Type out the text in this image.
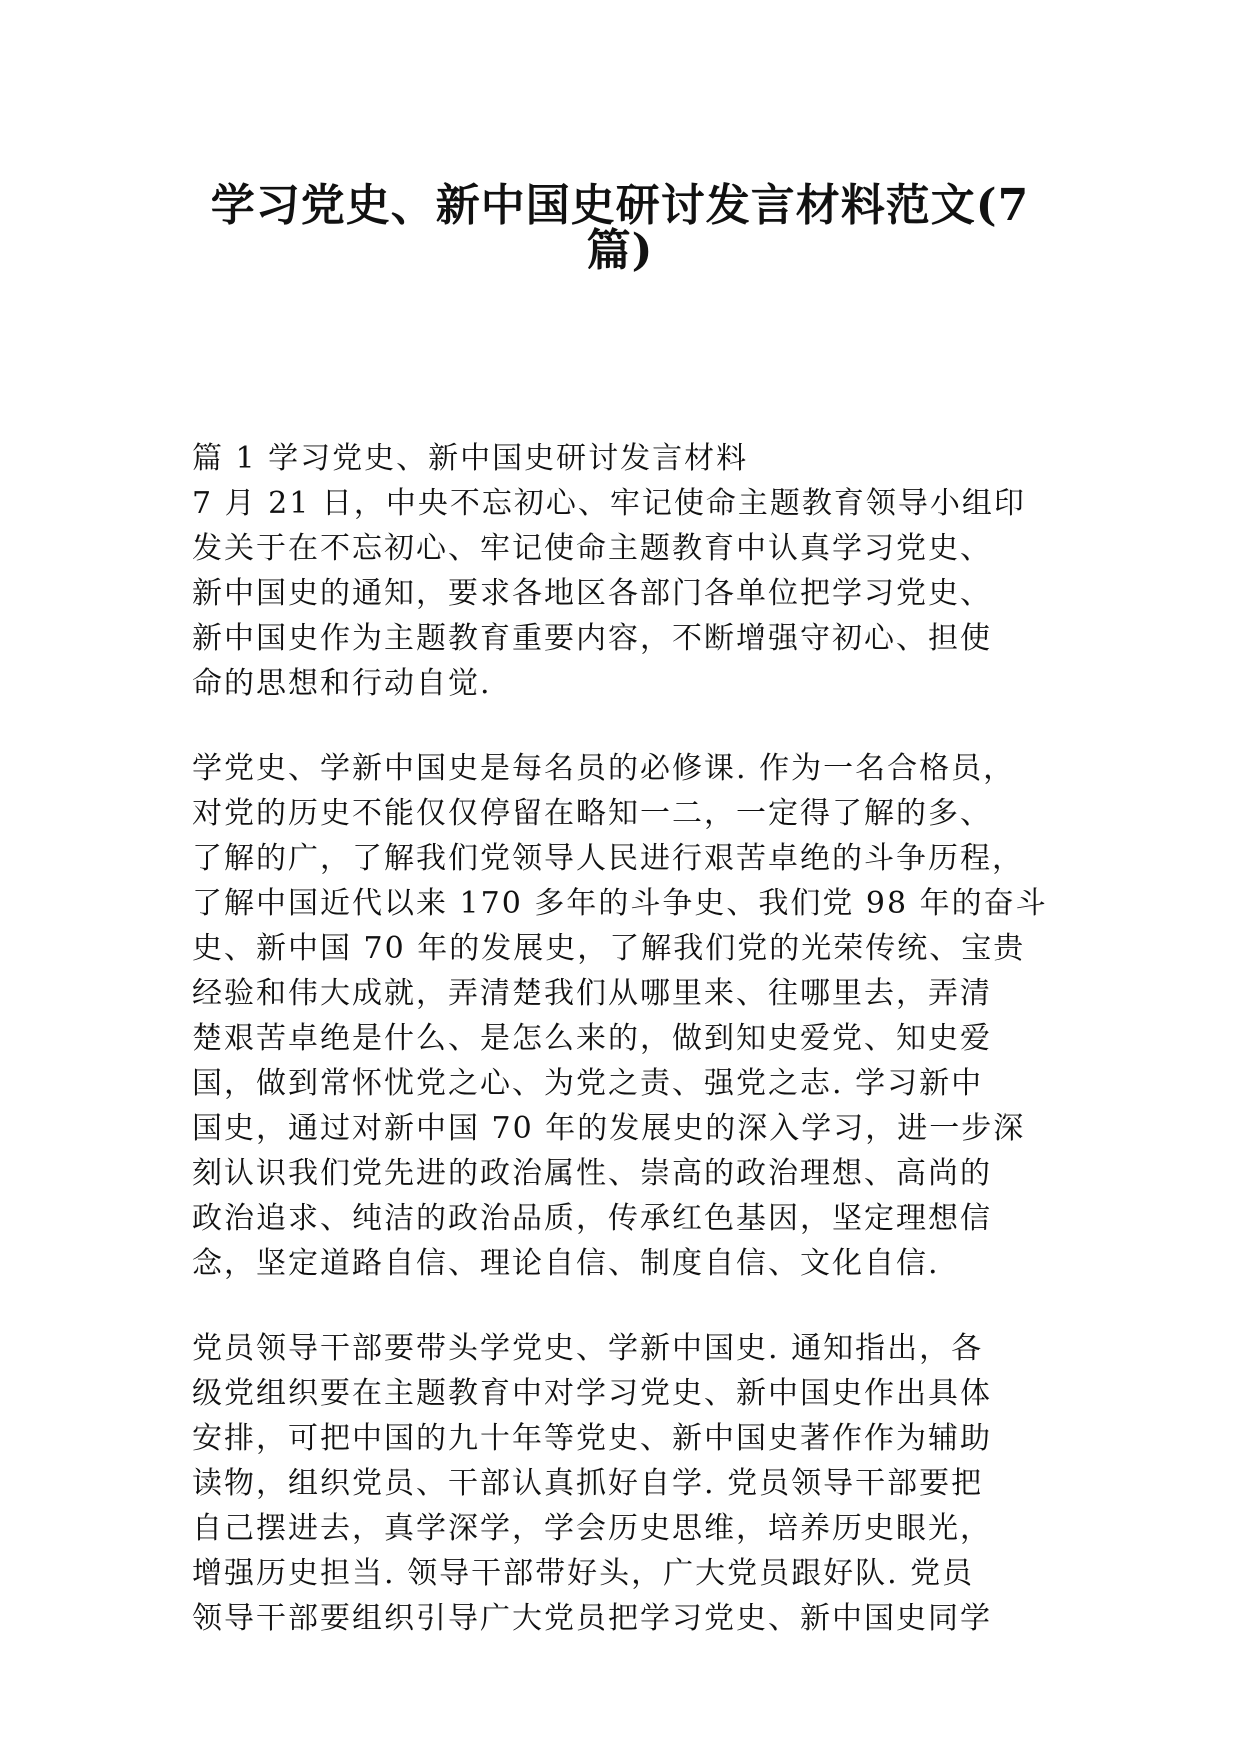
学习党史、新中国史研讨发言材料范文(7
篇)
篇 1 学习党史、新中国史研讨发言材料
7 月 21 日，中央不忘初心、牢记使命主题教育领导小组印
发关于在不忘初心、牢记使命主题教育中认真学习党史、
新中国史的通知，要求各地区各部门各单位把学习党史、
新中国史作为主题教育重要内容，不断增强守初心、担使
命的思想和行动自觉.
学党史、学新中国史是每名员的必修课. 作为一名合格员，
对党的历史不能仅仅停留在略知一二，一定得了解的多、
了解的广，了解我们党领导人民进行艰苦卓绝的斗争历程，
了解中国近代以来 170 多年的斗争史、我们党 98 年的奋斗
史、新中国 70 年的发展史，了解我们党的光荣传统、宝贵
经验和伟大成就，弄清楚我们从哪里来、往哪里去，弄清
楚艰苦卓绝是什么、是怎么来的，做到知史爱党、知史爱
国，做到常怀忧党之心、为党之责、强党之志. 学习新中
国史，通过对新中国 70 年的发展史的深入学习，进一步深
刻认识我们党先进的政治属性、崇高的政治理想、高尚的
政治追求、纯洁的政治品质，传承红色基因，坚定理想信
念，坚定道路自信、理论自信、制度自信、文化自信.
党员领导干部要带头学党史、学新中国史. 通知指出，各
级党组织要在主题教育中对学习党史、新中国史作出具体
安排，可把中国的九十年等党史、新中国史著作作为辅助
读物，组织党员、干部认真抓好自学. 党员领导干部要把
自己摆进去，真学深学，学会历史思维，培养历史眼光，
增强历史担当. 领导干部带好头，广大党员跟好队. 党员
领导干部要组织引导广大党员把学习党史、新中国史同学
